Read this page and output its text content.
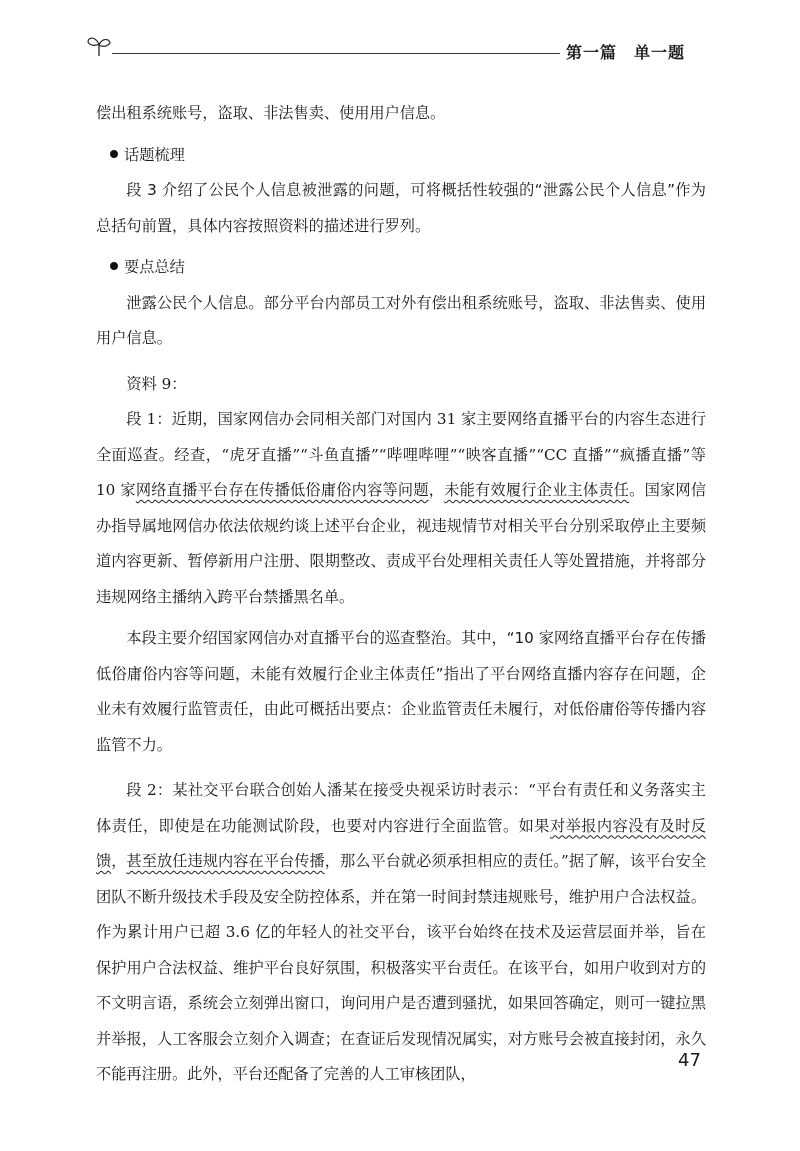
第一篇　单一题

偿出租系统账号，盗取、非法售卖、使用用户信息。

话题梳理

段 3 介绍了公民个人信息被泄露的问题，可将概括性较强的“泄露公民个人信息”作为总括句前置，具体内容按照资料的描述进行罗列。

要点总结

泄露公民个人信息。部分平台内部员工对外有偿出租系统账号，盗取、非法售卖、使用用户信息。

资料 9：

段 1：近期，国家网信办会同相关部门对国内 31 家主要网络直播平台的内容生态进行全面巡查。经查，“虎牙直播”“斗鱼直播”“哔哩哔哩”“映客直播”“CC 直播”“疯播直播”等 10 家网络直播平台存在传播低俗庸俗内容等问题，未能有效履行企业主体责任。国家网信办指导属地网信办依法依规约谈上述平台企业，视违规情节对相关平台分别采取停止主要频道内容更新、暂停新用户注册、限期整改、责成平台处理相关责任人等处置措施，并将部分违规网络主播纳入跨平台禁播黑名单。

本段主要介绍国家网信办对直播平台的巡查整治。其中，“10 家网络直播平台存在传播低俗庸俗内容等问题，未能有效履行企业主体责任”指出了平台网络直播内容存在问题，企业未有效履行监管责任，由此可概括出要点：企业监管责任未履行，对低俗庸俗等传播内容监管不力。

段 2：某社交平台联合创始人潘某在接受央视采访时表示：“平台有责任和义务落实主体责任，即使是在功能测试阶段，也要对内容进行全面监管。如果对举报内容没有及时反馈，甚至放任违规内容在平台传播，那么平台就必须承担相应的责任。”据了解，该平台安全团队不断升级技术手段及安全防控体系，并在第一时间封禁违规账号，维护用户合法权益。作为累计用户已超 3.6 亿的年轻人的社交平台，该平台始终在技术及运营层面并举，旨在保护用户合法权益、维护平台良好氛围，积极落实平台责任。在该平台，如用户收到对方的不文明言语，系统会立刻弹出窗口，询问用户是否遭到骚扰，如果回答确定，则可一键拉黑并举报，人工客服会立刻介入调查；在查证后发现情况属实，对方账号会被直接封闭，永久不能再注册。此外，平台还配备了完善的人工审核团队，

47
